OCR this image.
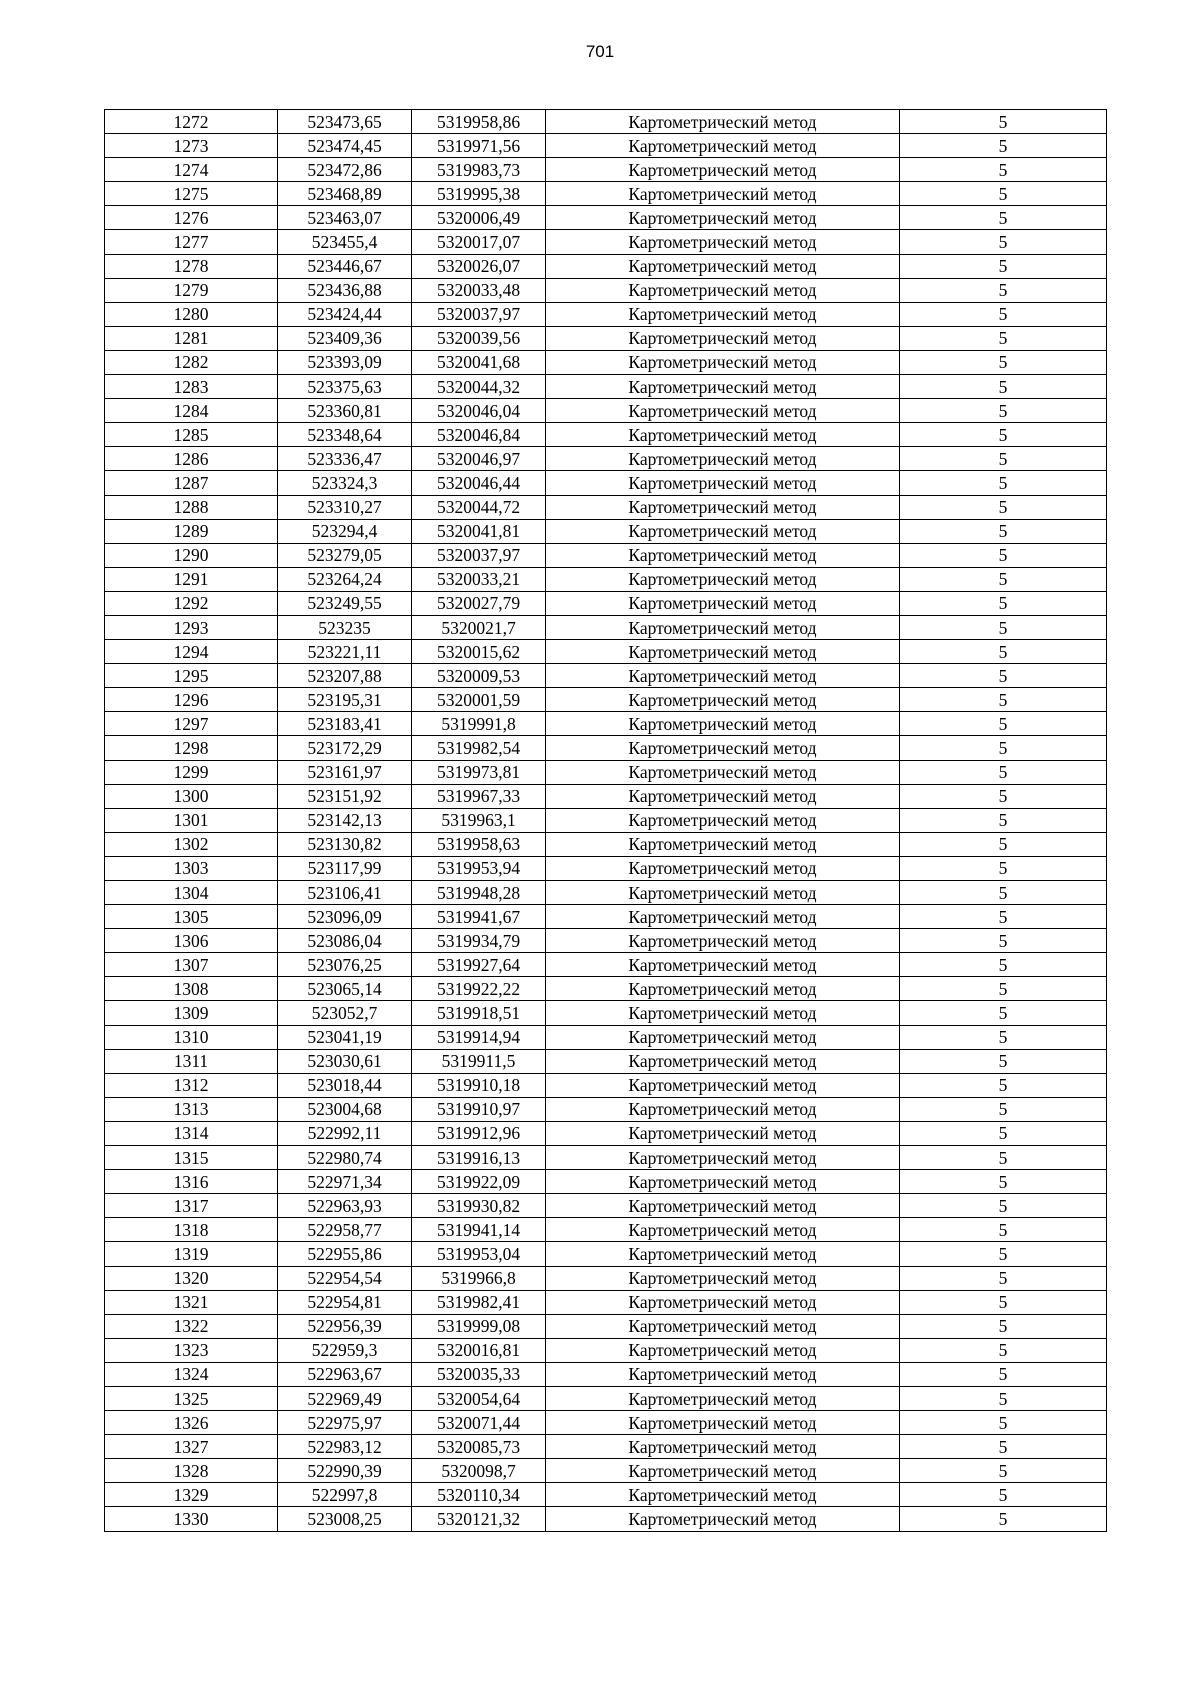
701
1272	523473,65	5319958,86	Картометрический метод	5
1273	523474,45	5319971,56	Картометрический метод	5
1274	523472,86	5319983,73	Картометрический метод	5
1275	523468,89	5319995,38	Картометрический метод	5
1276	523463,07	5320006,49	Картометрический метод	5
1277	523455,4	5320017,07	Картометрический метод	5
1278	523446,67	5320026,07	Картометрический метод	5
1279	523436,88	5320033,48	Картометрический метод	5
1280	523424,44	5320037,97	Картометрический метод	5
1281	523409,36	5320039,56	Картометрический метод	5
1282	523393,09	5320041,68	Картометрический метод	5
1283	523375,63	5320044,32	Картометрический метод	5
1284	523360,81	5320046,04	Картометрический метод	5
1285	523348,64	5320046,84	Картометрический метод	5
1286	523336,47	5320046,97	Картометрический метод	5
1287	523324,3	5320046,44	Картометрический метод	5
1288	523310,27	5320044,72	Картометрический метод	5
1289	523294,4	5320041,81	Картометрический метод	5
1290	523279,05	5320037,97	Картометрический метод	5
1291	523264,24	5320033,21	Картометрический метод	5
1292	523249,55	5320027,79	Картометрический метод	5
1293	523235	5320021,7	Картометрический метод	5
1294	523221,11	5320015,62	Картометрический метод	5
1295	523207,88	5320009,53	Картометрический метод	5
1296	523195,31	5320001,59	Картометрический метод	5
1297	523183,41	5319991,8	Картометрический метод	5
1298	523172,29	5319982,54	Картометрический метод	5
1299	523161,97	5319973,81	Картометрический метод	5
1300	523151,92	5319967,33	Картометрический метод	5
1301	523142,13	5319963,1	Картометрический метод	5
1302	523130,82	5319958,63	Картометрический метод	5
1303	523117,99	5319953,94	Картометрический метод	5
1304	523106,41	5319948,28	Картометрический метод	5
1305	523096,09	5319941,67	Картометрический метод	5
1306	523086,04	5319934,79	Картометрический метод	5
1307	523076,25	5319927,64	Картометрический метод	5
1308	523065,14	5319922,22	Картометрический метод	5
1309	523052,7	5319918,51	Картометрический метод	5
1310	523041,19	5319914,94	Картометрический метод	5
1311	523030,61	5319911,5	Картометрический метод	5
1312	523018,44	5319910,18	Картометрический метод	5
1313	523004,68	5319910,97	Картометрический метод	5
1314	522992,11	5319912,96	Картометрический метод	5
1315	522980,74	5319916,13	Картометрический метод	5
1316	522971,34	5319922,09	Картометрический метод	5
1317	522963,93	5319930,82	Картометрический метод	5
1318	522958,77	5319941,14	Картометрический метод	5
1319	522955,86	5319953,04	Картометрический метод	5
1320	522954,54	5319966,8	Картометрический метод	5
1321	522954,81	5319982,41	Картометрический метод	5
1322	522956,39	5319999,08	Картометрический метод	5
1323	522959,3	5320016,81	Картометрический метод	5
1324	522963,67	5320035,33	Картометрический метод	5
1325	522969,49	5320054,64	Картометрический метод	5
1326	522975,97	5320071,44	Картометрический метод	5
1327	522983,12	5320085,73	Картометрический метод	5
1328	522990,39	5320098,7	Картометрический метод	5
1329	522997,8	5320110,34	Картометрический метод	5
1330	523008,25	5320121,32	Картометрический метод	5
